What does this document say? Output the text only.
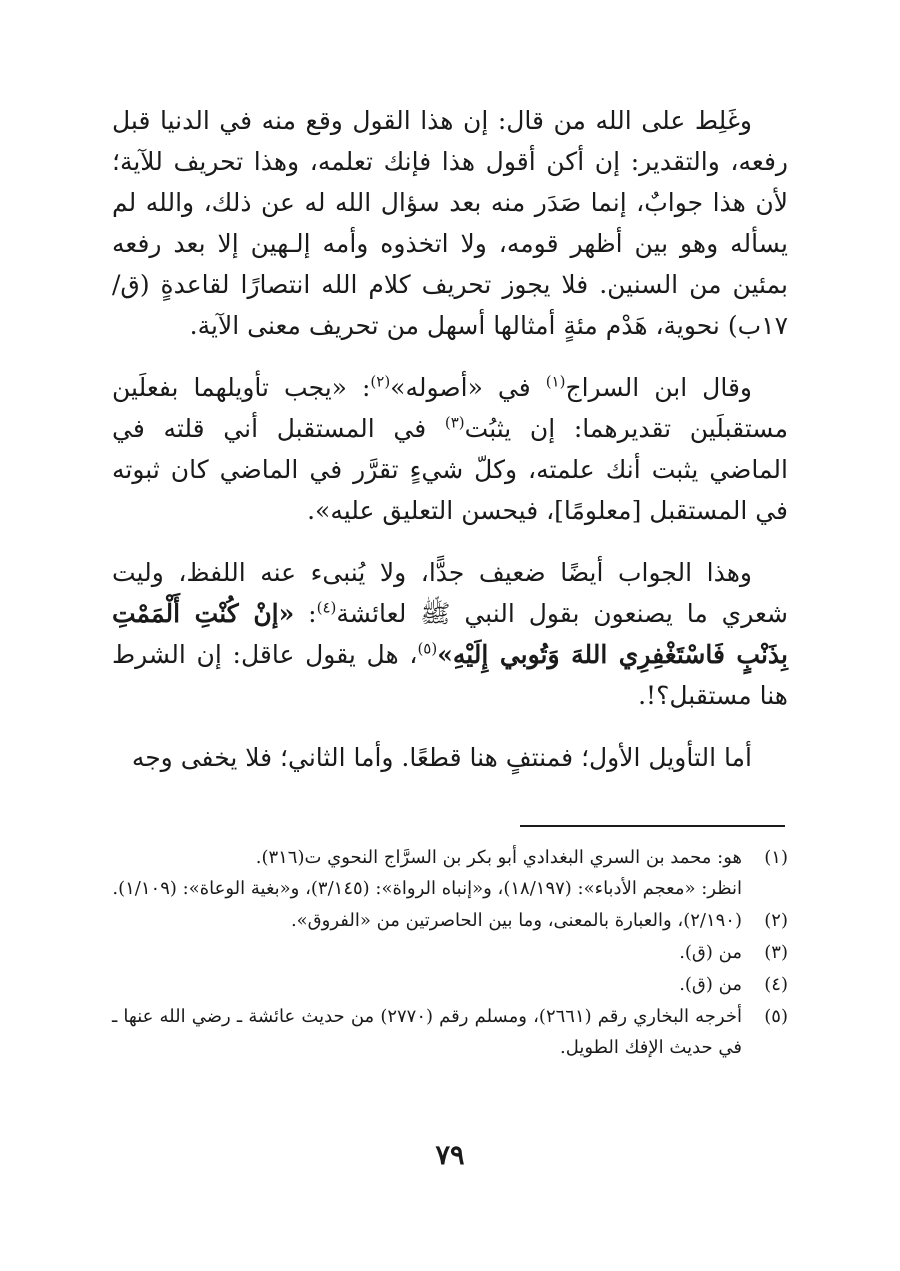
وغَلِط على الله من قال: إن هذا القول وقع منه في الدنيا قبل رفعه، والتقدير: إن أكن أقول هذا فإنك تعلمه، وهذا تحريف للآية؛ لأن هذا جوابٌ، إنما صَدَر منه بعد سؤال الله له عن ذلك، والله لم يسأله وهو بين أظهر قومه، ولا اتخذوه وأمه إلـهين إلا بعد رفعه بمئين من السنين. فلا يجوز تحريف كلام الله انتصارًا لقاعدةٍ (ق/١٧ب) نحوية، هَدْم مئةٍ أمثالها أسهل من تحريف معنى الآية.

وقال ابن السراج$^{(١)}$ في «أصوله»$^{(٢)}$: «يجب تأويلهما بفعلَين مستقبلَين تقديرهما: إن يثبُت$^{(٣)}$ في المستقبل أني قلته في الماضي يثبت أنك علمته، وكلّ شيءٍ تقرَّر في الماضي كان ثبوته في المستقبل [معلومًا]، فيحسن التعليق عليه».

وهذا الجواب أيضًا ضعيف جدًّا، ولا يُنبىء عنه اللفظ، وليت شعري ما يصنعون بقول النبي ﷺ لعائشة$^{(٤)}$: «إنْ كُنْتِ أَلْمَمْتِ بِذَنْبٍ فَاسْتَغْفِرِي اللهَ وَتُوبي إِلَيْهِ»$^{(٥)}$، هل يقول عاقل: إن الشرط هنا مستقبل؟!.

أما التأويل الأول؛ فمنتفٍ هنا قطعًا. وأما الثاني؛ فلا يخفى وجه

(١)
هو: محمد بن السري البغدادي أبو بكر بن السرَّاج النحوي ت(٣١٦).
انظر: «معجم الأدباء»: (١٨/١٩٧)، و«إنباه الرواة»: (٣/١٤٥)، و«بغية الوعاة»: (١/١٠٩).
(٢)
(٢/١٩٠)، والعبارة بالمعنى، وما بين الحاصرتين من «الفروق».
(٣)
من (ق).
(٤)
من (ق).
(٥)
أخرجه البخاري رقم (٢٦٦١)، ومسلم رقم (٢٧٧٠) من حديث عائشة ـ رضي الله عنها ـ في حديث الإفك الطويل.
٧٩
